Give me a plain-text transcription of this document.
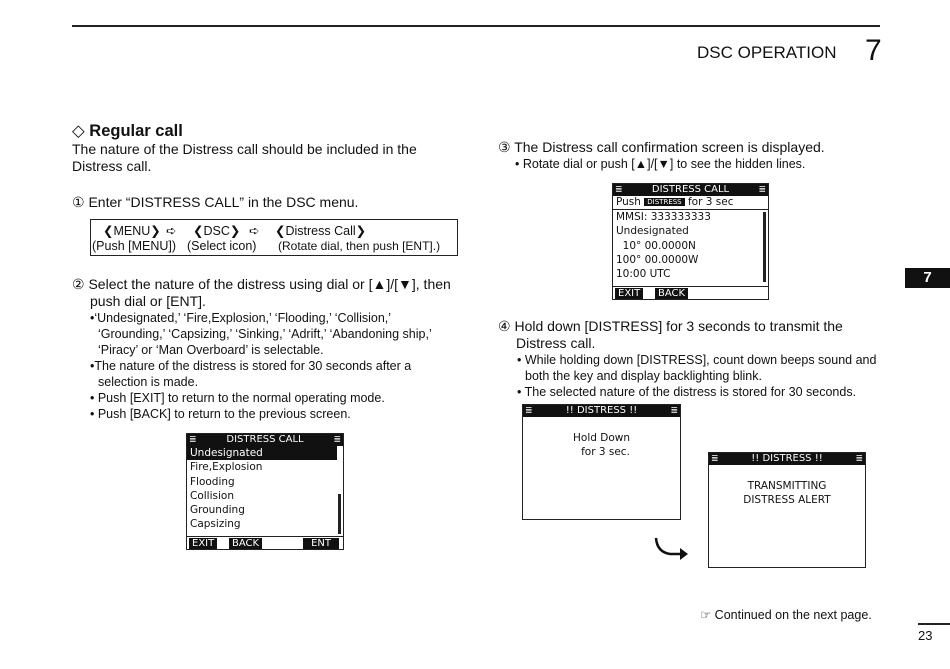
DSC OPERATION 7
7
◇ Regular call
The nature of the Distress call should be included in the Distress call.
① Enter “DISTRESS CALL” in the DSC menu.
❮MENU❯ ➪ ❮DSC❯ ➪ ❮Distress Call❯
(Push [MENU]) (Select icon) (Rotate dial, then push [ENT].)
② Select the nature of the distress using dial or [▲]/[▼], then push dial or [ENT].
•‘Undesignated,’ ‘Fire,Explosion,’ ‘Flooding,’ ‘Collision,’ ‘Grounding,’ ‘Capsizing,’ ‘Sinking,’ ‘Adrift,’ ‘Abandoning ship,’ ‘Piracy’ or ‘Man Overboard’ is selectable.
•The nature of the distress is stored for 30 seconds after a selection is made.
• Push [EXIT] to return to the normal operating mode.
• Push [BACK] to return to the previous screen.
≣	DISTRESS CALL	≣
Undesignated
Fire,Explosion
Flooding
Collision
Grounding
Capsizing
EXIT	BACK	ENT
③ The Distress call confirmation screen is displayed.
• Rotate dial or push [▲]/[▼] to see the hidden lines.
≣	DISTRESS CALL	≣
Push DISTRESS for 3 sec
MMSI: 333333333
Undesignated
10° 00.0000N
100° 00.0000W
10:00 UTC
EXIT	BACK
④ Hold down [DISTRESS] for 3 seconds to transmit the Distress call.
• While holding down [DISTRESS], count down beeps sound and both the key and display backlighting blink.
• The selected nature of the distress is stored for 30 seconds.
≣	!! DISTRESS !!	≣
Hold Down
for 3 sec.
≣	!! DISTRESS !!	≣
TRANSMITTING
DISTRESS ALERT
☞ Continued on the next page.
23
